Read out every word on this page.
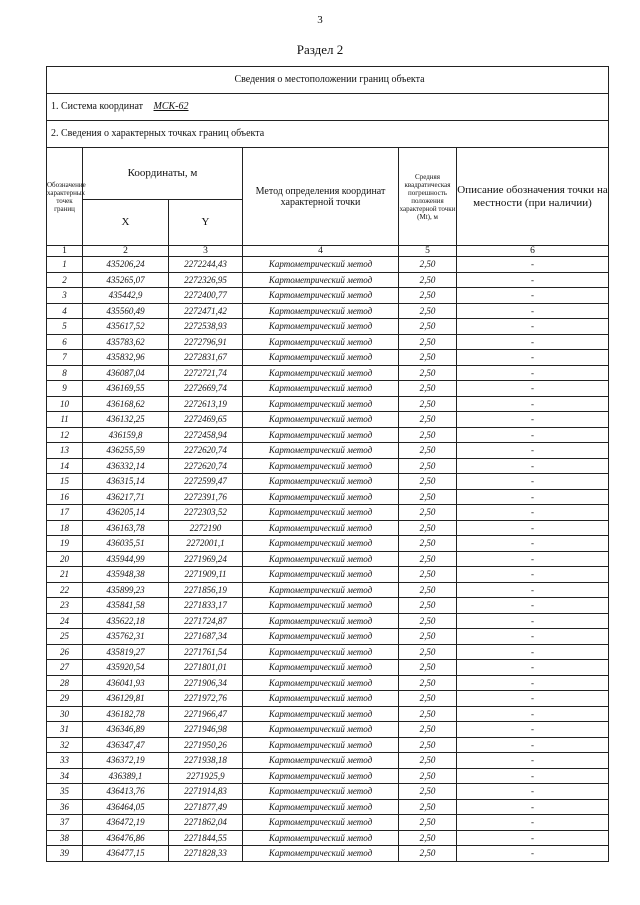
3
Раздел 2
Сведения о местоположении границ объекта					
1. Система координат МСК-62					
2. Сведения о характерных точках границ объекта					
Обозначение характерных точек границ	Координаты, м		Метод определения координат характерной точки	Средняя квадратическая погрешность положения характерной точки (Mt), м	Описание обозначения точки на местности (при наличии)
	X	Y			
1	2	3	4	5	6
1	435206,24	2272244,43	Картометрический метод	2,50	-
2	435265,07	2272326,95	Картометрический метод	2,50	-
3	435442,9	2272400,77	Картометрический метод	2,50	-
4	435560,49	2272471,42	Картометрический метод	2,50	-
5	435617,52	2272538,93	Картометрический метод	2,50	-
6	435783,62	2272796,91	Картометрический метод	2,50	-
7	435832,96	2272831,67	Картометрический метод	2,50	-
8	436087,04	2272721,74	Картометрический метод	2,50	-
9	436169,55	2272669,74	Картометрический метод	2,50	-
10	436168,62	2272613,19	Картометрический метод	2,50	-
11	436132,25	2272469,65	Картометрический метод	2,50	-
12	436159,8	2272458,94	Картометрический метод	2,50	-
13	436255,59	2272620,74	Картометрический метод	2,50	-
14	436332,14	2272620,74	Картометрический метод	2,50	-
15	436315,14	2272599,47	Картометрический метод	2,50	-
16	436217,71	2272391,76	Картометрический метод	2,50	-
17	436205,14	2272303,52	Картометрический метод	2,50	-
18	436163,78	2272190	Картометрический метод	2,50	-
19	436035,51	2272001,1	Картометрический метод	2,50	-
20	435944,99	2271969,24	Картометрический метод	2,50	-
21	435948,38	2271909,11	Картометрический метод	2,50	-
22	435899,23	2271856,19	Картометрический метод	2,50	-
23	435841,58	2271833,17	Картометрический метод	2,50	-
24	435622,18	2271724,87	Картометрический метод	2,50	-
25	435762,31	2271687,34	Картометрический метод	2,50	-
26	435819,27	2271761,54	Картометрический метод	2,50	-
27	435920,54	2271801,01	Картометрический метод	2,50	-
28	436041,93	2271906,34	Картометрический метод	2,50	-
29	436129,81	2271972,76	Картометрический метод	2,50	-
30	436182,78	2271966,47	Картометрический метод	2,50	-
31	436346,89	2271946,98	Картометрический метод	2,50	-
32	436347,47	2271950,26	Картометрический метод	2,50	-
33	436372,19	2271938,18	Картометрический метод	2,50	-
34	436389,1	2271925,9	Картометрический метод	2,50	-
35	436413,76	2271914,83	Картометрический метод	2,50	-
36	436464,05	2271877,49	Картометрический метод	2,50	-
37	436472,19	2271862,04	Картометрический метод	2,50	-
38	436476,86	2271844,55	Картометрический метод	2,50	-
39	436477,15	2271828,33	Картометрический метод	2,50	-
